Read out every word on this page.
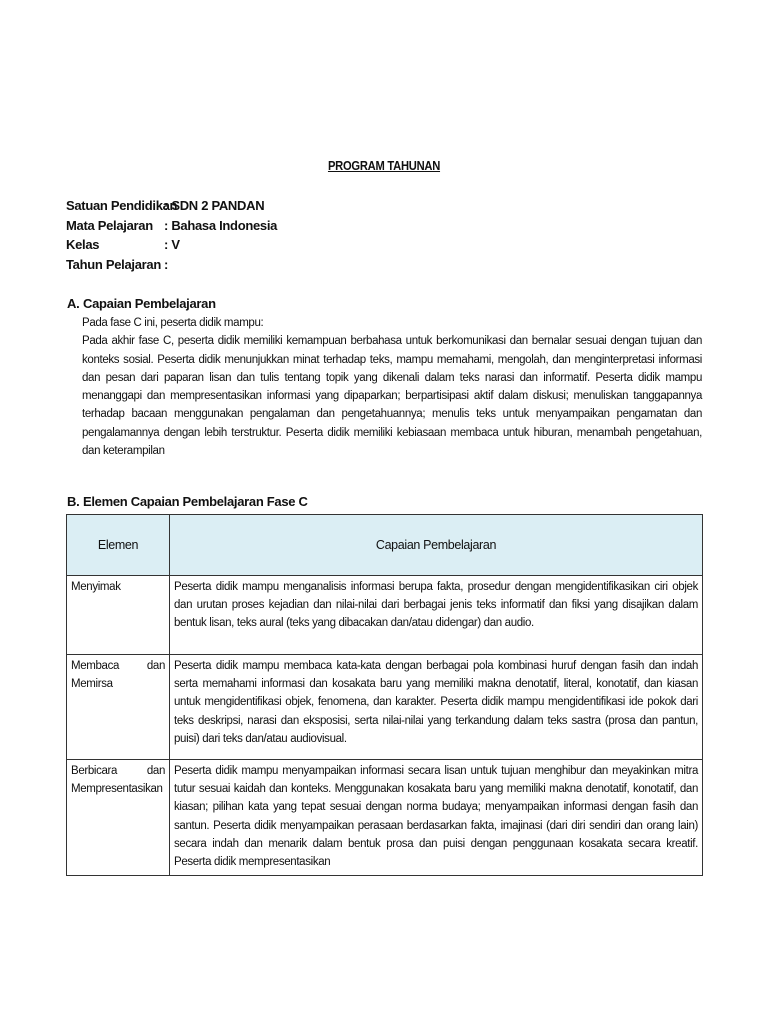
PROGRAM TAHUNAN
Satuan Pendidikan
: SDN 2 PANDAN
Mata Pelajaran : Bahasa Indonesia
Kelas	: V
Tahun Pelajaran :
A. Capaian Pembelajaran

Pada fase C ini, peserta didik mampu:

Pada akhir fase C, peserta didik memiliki kemampuan berbahasa untuk berkomunikasi dan bernalar sesuai dengan tujuan dan konteks sosial. Peserta didik menunjukkan minat terhadap teks, mampu memahami, mengolah, dan menginterpretasi informasi dan pesan dari paparan lisan dan tulis tentang topik yang dikenali dalam teks narasi dan informatif. Peserta didik mampu menanggapi dan mempresentasikan informasi yang dipaparkan; berpartisipasi aktif dalam diskusi; menuliskan tanggapannya terhadap bacaan menggunakan pengalaman dan pengetahuannya; menulis teks untuk menyampaikan pengamatan dan pengalamannya dengan lebih terstruktur. Peserta didik memiliki kebiasaan membaca untuk hiburan, menambah pengetahuan, dan keterampilan

B. Elemen Capaian Pembelajaran Fase C
Elemen	Capaian Pembelajaran
Menyimak	Peserta didik mampu menganalisis informasi berupa fakta, prosedur dengan mengidentifikasikan ciri objek dan urutan proses kejadian dan nilai-nilai dari berbagai jenis teks informatif dan fiksi yang disajikan dalam bentuk lisan, teks aural (teks yang dibacakan dan/atau didengar) dan audio.
Membaca dan Memirsa	Peserta didik mampu membaca kata-kata dengan berbagai pola kombinasi huruf dengan fasih dan indah serta memahami informasi dan kosakata baru yang memiliki makna denotatif, literal, konotatif, dan kiasan untuk mengidentifikasi objek, fenomena, dan karakter. Peserta didik mampu mengidentifikasi ide pokok dari teks deskripsi, narasi dan eksposisi, serta nilai-nilai yang terkandung dalam teks sastra (prosa dan pantun, puisi) dari teks dan/atau audiovisual.
Berbicara dan Mempresentasikan	Peserta didik mampu menyampaikan informasi secara lisan untuk tujuan menghibur dan meyakinkan mitra tutur sesuai kaidah dan konteks. Menggunakan kosakata baru yang memiliki makna denotatif, konotatif, dan kiasan; pilihan kata yang tepat sesuai dengan norma budaya; menyampaikan informasi dengan fasih dan santun. Peserta didik menyampaikan perasaan berdasarkan fakta, imajinasi (dari diri sendiri dan orang lain) secara indah dan menarik dalam bentuk prosa dan puisi dengan penggunaan kosakata secara kreatif. Peserta didik mempresentasikan
